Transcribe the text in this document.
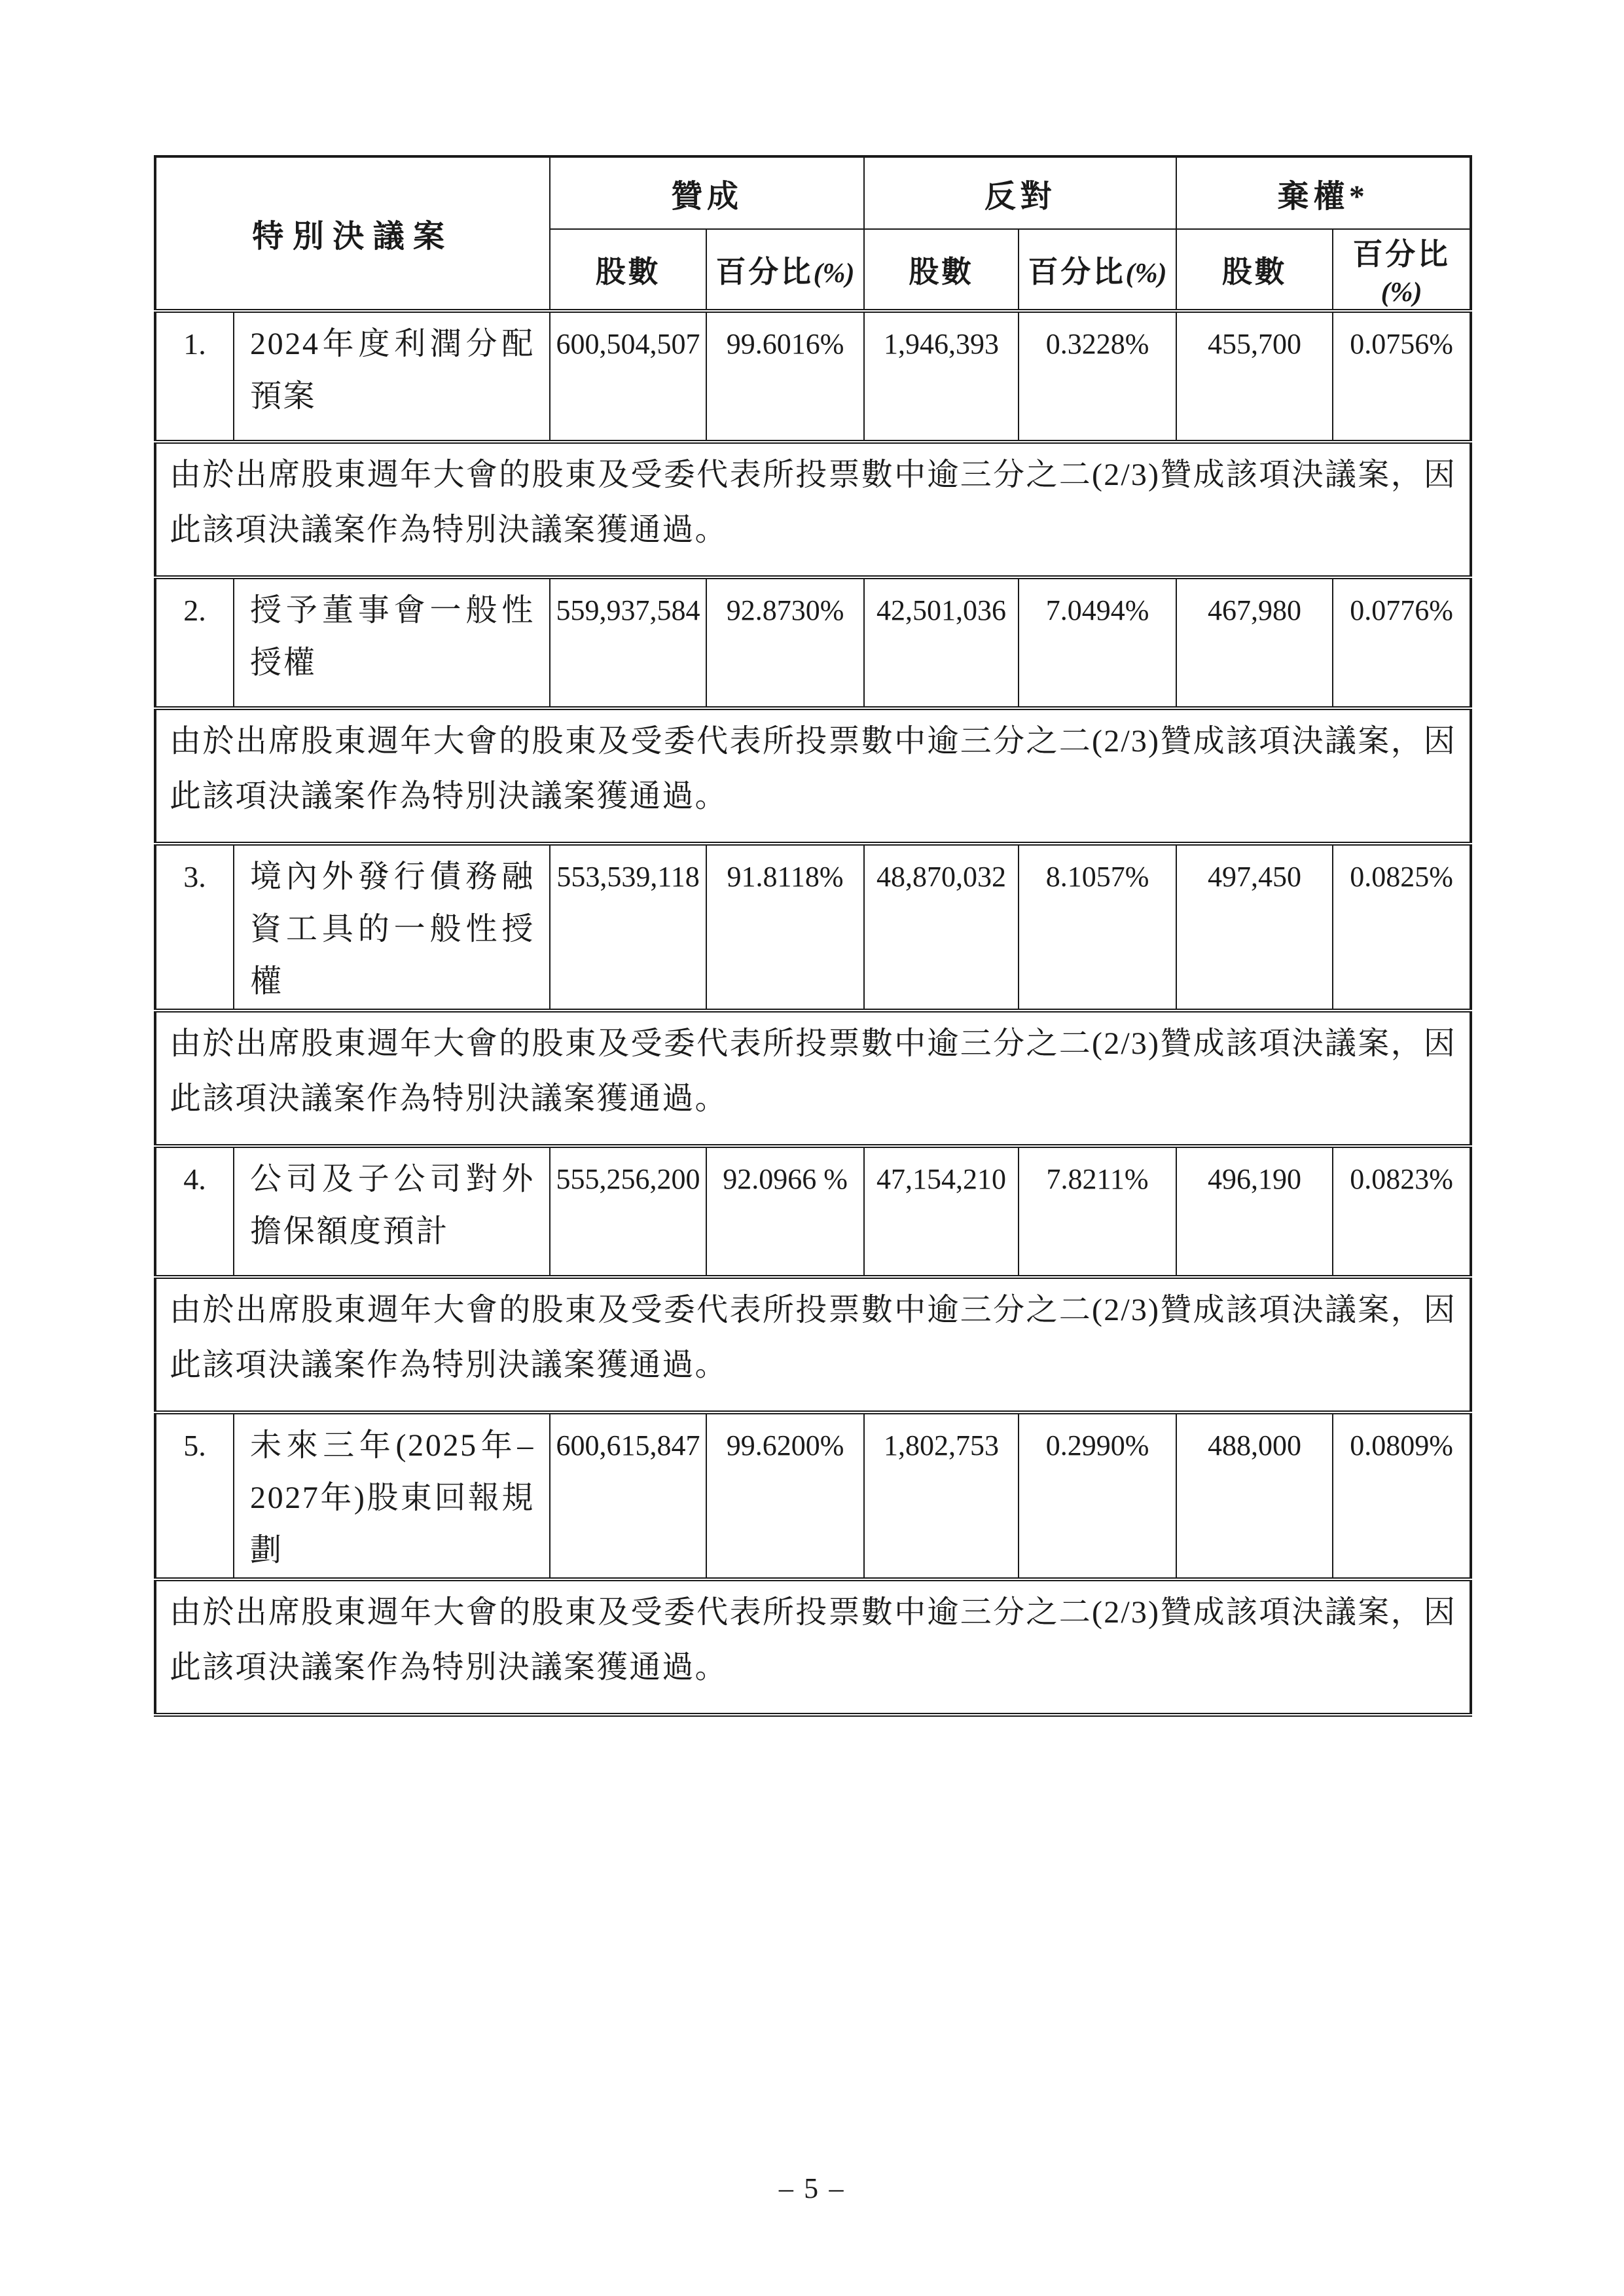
特別決議案		贊成		反對		棄權*	
		股數	百分比(%)	股數	百分比(%)	股數	百分比(%)
1.	2024年度利潤分配預案	600,504,507	99.6016%	1,946,393	0.3228%	455,700	0.0756%
由於出席股東週年大會的股東及受委代表所投票數中逾三分之二(2/3)贊成該項決議案，因此該項決議案作為特別決議案獲通過。							
2.	授予董事會一般性授權	559,937,584	92.8730%	42,501,036	7.0494%	467,980	0.0776%
由於出席股東週年大會的股東及受委代表所投票數中逾三分之二(2/3)贊成該項決議案，因此該項決議案作為特別決議案獲通過。							
3.	境內外發行債務融資工具的一般性授權	553,539,118	91.8118%	48,870,032	8.1057%	497,450	0.0825%
由於出席股東週年大會的股東及受委代表所投票數中逾三分之二(2/3)贊成該項決議案，因此該項決議案作為特別決議案獲通過。							
4.	公司及子公司對外擔保額度預計	555,256,200	92.0966 %	47,154,210	7.8211%	496,190	0.0823%
由於出席股東週年大會的股東及受委代表所投票數中逾三分之二(2/3)贊成該項決議案，因此該項決議案作為特別決議案獲通過。							
5.	未來三年(2025年–2027年)股東回報規劃	600,615,847	99.6200%	1,802,753	0.2990%	488,000	0.0809%
由於出席股東週年大會的股東及受委代表所投票數中逾三分之二(2/3)贊成該項決議案，因此該項決議案作為特別決議案獲通過。							
– 5 –
